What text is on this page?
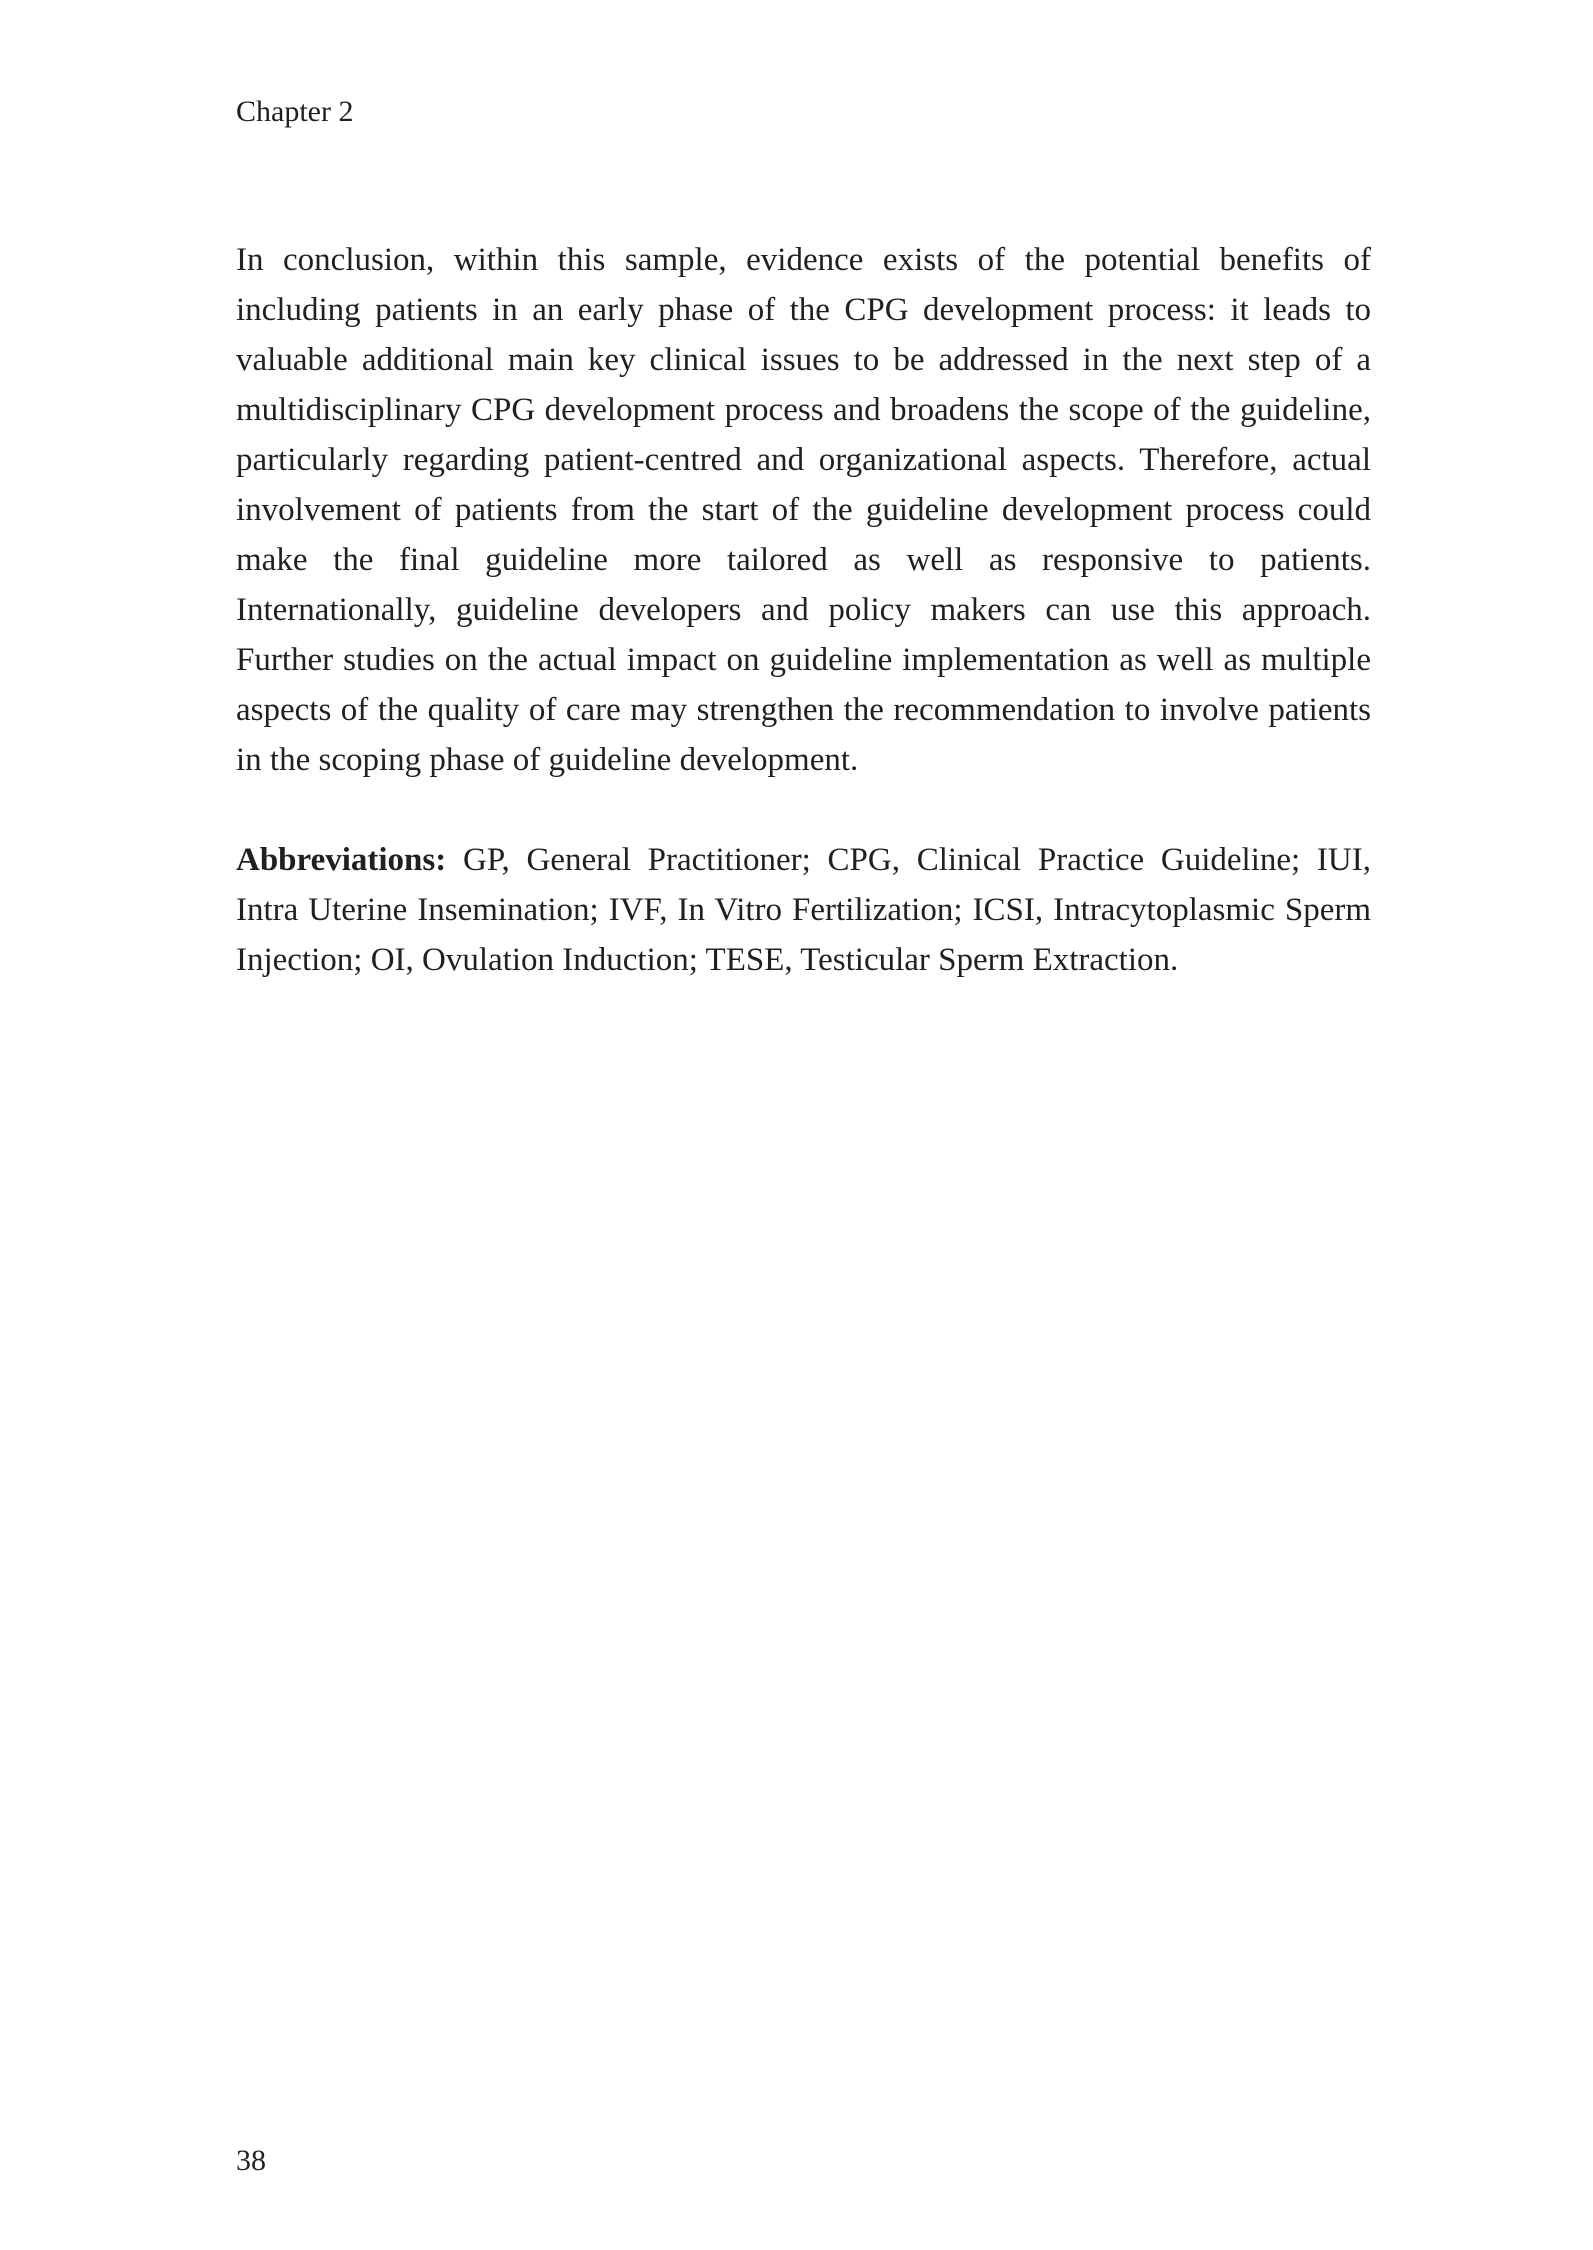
Chapter 2

In conclusion, within this sample, evidence exists of the potential benefits of including patients in an early phase of the CPG development process: it leads to valuable additional main key clinical issues to be addressed in the next step of a multidisciplinary CPG development process and broadens the scope of the guideline, particularly regarding patient-centred and organizational aspects. Therefore, actual involvement of patients from the start of the guideline development process could make the final guideline more tailored as well as responsive to patients. Internationally, guideline developers and policy makers can use this approach. Further studies on the actual impact on guideline implementation as well as multiple aspects of the quality of care may strengthen the recommendation to involve patients in the scoping phase of guideline development.

Abbreviations: GP, General Practitioner; CPG, Clinical Practice Guideline; IUI, Intra Uterine Insemination; IVF, In Vitro Fertilization; ICSI, Intracytoplasmic Sperm Injection; OI, Ovulation Induction; TESE, Testicular Sperm Extraction.

38
